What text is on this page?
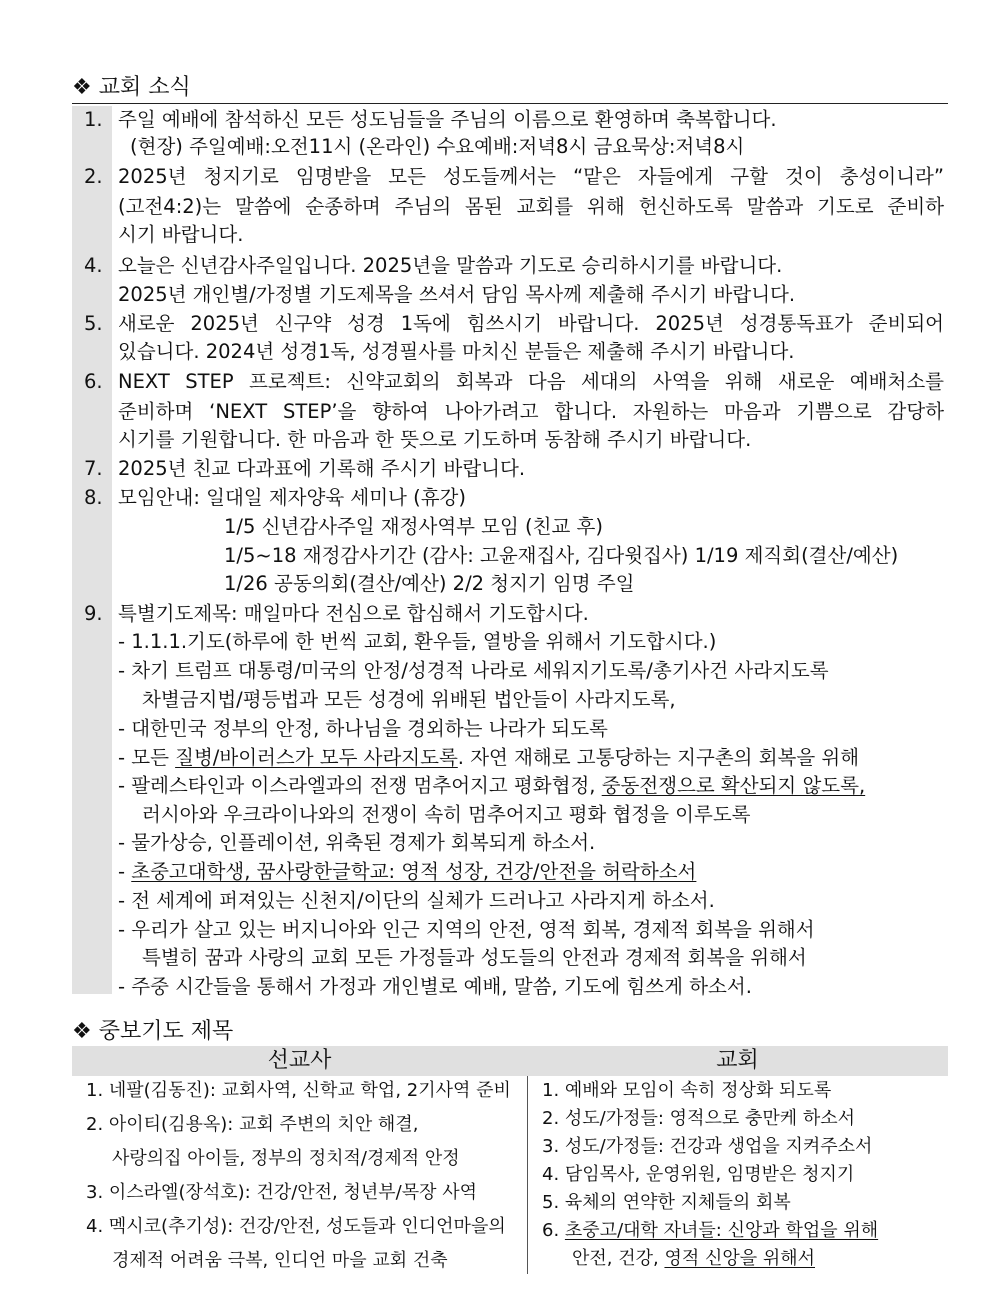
❖ 교회 소식
1. 주일 예배에 참석하신 모든 성도님들을 주님의 이름으로 환영하며 축복합니다.
(현장) 주일예배:오전11시 (온라인) 수요예배:저녁8시 금요묵상:저녁8시
2. 2025년 청지기로 임명받을 모든 성도들께서는 “맡은 자들에게 구할 것이 충성이니라”
(고전4:2)는 말씀에 순종하며 주님의 몸된 교회를 위해 헌신하도록 말씀과 기도로 준비하
시기 바랍니다.
4. 오늘은 신년감사주일입니다. 2025년을 말씀과 기도로 승리하시기를 바랍니다.
2025년 개인별/가정별 기도제목을 쓰셔서 담임 목사께 제출해 주시기 바랍니다.
5. 새로운 2025년 신구약 성경 1독에 힘쓰시기 바랍니다. 2025년 성경통독표가 준비되어
있습니다. 2024년 성경1독, 성경필사를 마치신 분들은 제출해 주시기 바랍니다.
6. NEXT STEP 프로젝트: 신약교회의 회복과 다음 세대의 사역을 위해 새로운 예배처소를
준비하며 ‘NEXT STEP’을 향하여 나아가려고 합니다. 자원하는 마음과 기쁨으로 감당하
시기를 기원합니다. 한 마음과 한 뜻으로 기도하며 동참해 주시기 바랍니다.
7. 2025년 친교 다과표에 기록해 주시기 바랍니다.
8. 모임안내: 일대일 제자양육 세미나 (휴강)
1/5 신년감사주일 재정사역부 모임 (친교 후)
1/5~18 재정감사기간 (감사: 고윤재집사, 김다윗집사) 1/19 제직회(결산/예산)
1/26 공동의회(결산/예산) 2/2 청지기 임명 주일
9. 특별기도제목: 매일마다 전심으로 합심해서 기도합시다.
- 1.1.1.기도(하루에 한 번씩 교회, 환우들, 열방을 위해서 기도합시다.)
- 차기 트럼프 대통령/미국의 안정/성경적 나라로 세워지기도록/총기사건 사라지도록
차별금지법/평등법과 모든 성경에 위배된 법안들이 사라지도록,
- 대한민국 정부의 안정, 하나님을 경외하는 나라가 되도록
- 모든 질병/바이러스가 모두 사라지도록. 자연 재해로 고통당하는 지구촌의 회복을 위해
- 팔레스타인과 이스라엘과의 전쟁 멈추어지고 평화협정, 중동전쟁으로 확산되지 않도록,
러시아와 우크라이나와의 전쟁이 속히 멈추어지고 평화 협정을 이루도록
- 물가상승, 인플레이션, 위축된 경제가 회복되게 하소서.
- 초중고대학생, 꿈사랑한글학교: 영적 성장, 건강/안전을 허락하소서
- 전 세계에 퍼져있는 신천지/이단의 실체가 드러나고 사라지게 하소서.
- 우리가 살고 있는 버지니아와 인근 지역의 안전, 영적 회복, 경제적 회복을 위해서
특별히 꿈과 사랑의 교회 모든 가정들과 성도들의 안전과 경제적 회복을 위해서
- 주중 시간들을 통해서 가정과 개인별로 예배, 말씀, 기도에 힘쓰게 하소서.
❖ 중보기도 제목
선교사	교회
1. 네팔(김동진): 교회사역, 신학교 학업, 2기사역 준비
2. 아이티(김용옥): 교회 주변의 치안 해결,
사랑의집 아이들, 정부의 정치적/경제적 안정
3. 이스라엘(장석호): 건강/안전, 청년부/목장 사역
4. 멕시코(추기성): 건강/안전, 성도들과 인디언마을의
경제적 어려움 극복, 인디언 마을 교회 건축
1. 예배와 모임이 속히 정상화 되도록
2. 성도/가정들: 영적으로 충만케 하소서
3. 성도/가정들: 건강과 생업을 지켜주소서
4. 담임목사, 운영위원, 임명받은 청지기
5. 육체의 연약한 지체들의 회복
6. 초중고/대학 자녀들: 신앙과 학업을 위해
안전, 건강, 영적 신앙을 위해서
